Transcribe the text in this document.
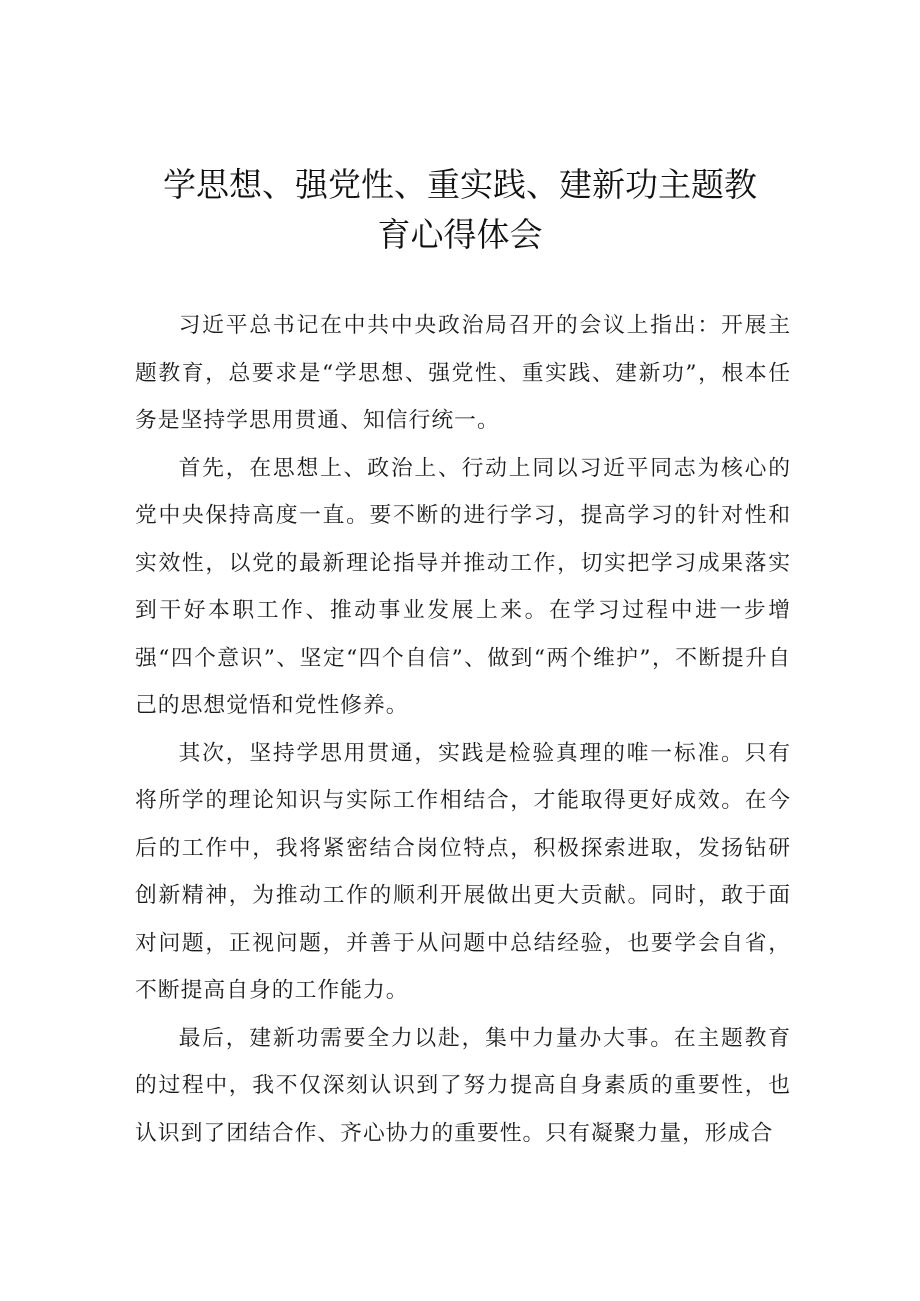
学思想、强党性、重实践、建新功主题教
育心得体会

习近平总书记在中共中央政治局召开的会议上指出：开展主题教育，总要求是“学思想、强党性、重实践、建新功”，根本任务是坚持学思用贯通、知信行统一。

首先，在思想上、政治上、行动上同以习近平同志为核心的党中央保持高度一直。要不断的进行学习，提高学习的针对性和实效性，以党的最新理论指导并推动工作，切实把学习成果落实到干好本职工作、推动事业发展上来。在学习过程中进一步增强“四个意识”、坚定“四个自信”、做到“两个维护”，不断提升自己的思想觉悟和党性修养。

其次，坚持学思用贯通，实践是检验真理的唯一标准。只有将所学的理论知识与实际工作相结合，才能取得更好成效。在今后的工作中，我将紧密结合岗位特点，积极探索进取，发扬钻研创新精神，为推动工作的顺利开展做出更大贡献。同时，敢于面对问题，正视问题，并善于从问题中总结经验，也要学会自省，不断提高自身的工作能力。

最后，建新功需要全力以赴，集中力量办大事。在主题教育的过程中，我不仅深刻认识到了努力提高自身素质的重要性，也认识到了团结合作、齐心协力的重要性。只有凝聚力量，形成合
